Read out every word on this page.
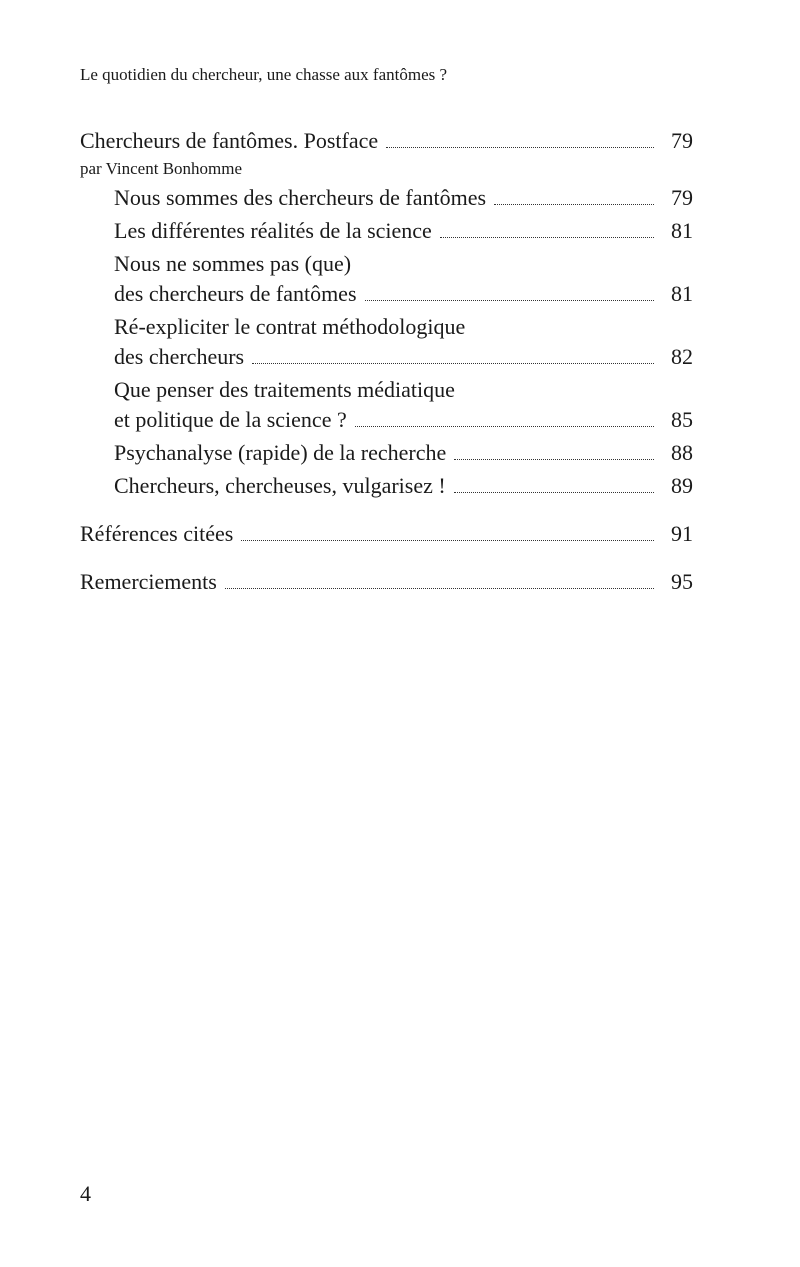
Le quotidien du chercheur, une chasse aux fantômes ?
Chercheurs de fantômes. Postface	79
par Vincent Bonhomme
Nous sommes des chercheurs de fantômes	79
Les différentes réalités de la science	81
Nous ne sommes pas (que)
des chercheurs de fantômes	81
Ré-expliciter le contrat méthodologique
des chercheurs	82
Que penser des traitements médiatique
et politique de la science ?	85
Psychanalyse (rapide) de la recherche	88
Chercheurs, chercheuses, vulgarisez !	89
Références citées	91
Remerciements	95
4
